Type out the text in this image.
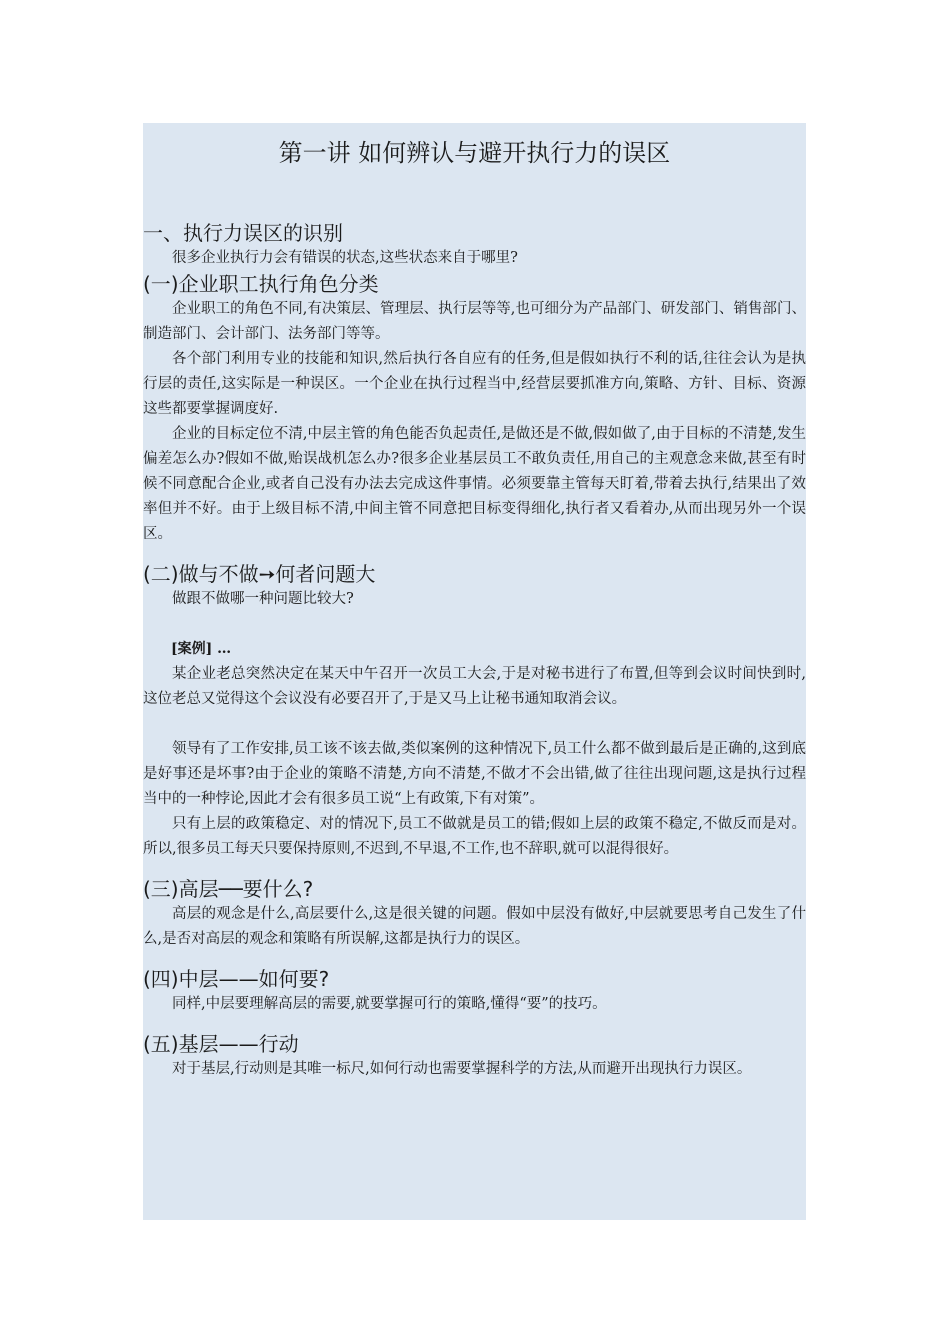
第一讲 如何辨认与避开执行力的误区
一、执行力误区的识别

很多企业执行力会有错误的状态,这些状态来自于哪里?

(一)企业职工执行角色分类

企业职工的角色不同,有决策层、管理层、执行层等等,也可细分为产品部门、研发部门、销售部门、制造部门、会计部门、法务部门等等。

各个部门利用专业的技能和知识,然后执行各自应有的任务,但是假如执行不利的话,往往会认为是执行层的责任,这实际是一种误区。一个企业在执行过程当中,经营层要抓准方向,策略、方针、目标、资源这些都要掌握调度好.

企业的目标定位不清,中层主管的角色能否负起责任,是做还是不做,假如做了,由于目标的不清楚,发生偏差怎么办?假如不做,贻误战机怎么办?很多企业基层员工不敢负责任,用自己的主观意念来做,甚至有时候不同意配合企业,或者自己没有办法去完成这件事情。必须要靠主管每天盯着,带着去执行,结果出了效率但并不好。由于上级目标不清,中间主管不同意把目标变得细化,执行者又看着办,从而出现另外一个误区。

(二)做与不做➙何者问题大

做跟不做哪一种问题比较大?

[案例] …

某企业老总突然决定在某天中午召开一次员工大会,于是对秘书进行了布置,但等到会议时间快到时,这位老总又觉得这个会议没有必要召开了,于是又马上让秘书通知取消会议。

领导有了工作安排,员工该不该去做,类似案例的这种情况下,员工什么都不做到最后是正确的,这到底是好事还是坏事?由于企业的策略不清楚,方向不清楚,不做才不会出错,做了往往出现问题,这是执行过程当中的一种悖论,因此才会有很多员工说“上有政策,下有对策”。

只有上层的政策稳定、对的情况下,员工不做就是员工的错;假如上层的政策不稳定,不做反而是对。所以,很多员工每天只要保持原则,不迟到,不早退,不工作,也不辞职,就可以混得很好。

(三)高层──要什么?

高层的观念是什么,高层要什么,这是很关键的问题。假如中层没有做好,中层就要思考自己发生了什么,是否对高层的观念和策略有所误解,这都是执行力的误区。

(四)中层——如何要?

同样,中层要理解高层的需要,就要掌握可行的策略,懂得“要”的技巧。

(五)基层——行动

对于基层,行动则是其唯一标尺,如何行动也需要掌握科学的方法,从而避开出现执行力误区。
